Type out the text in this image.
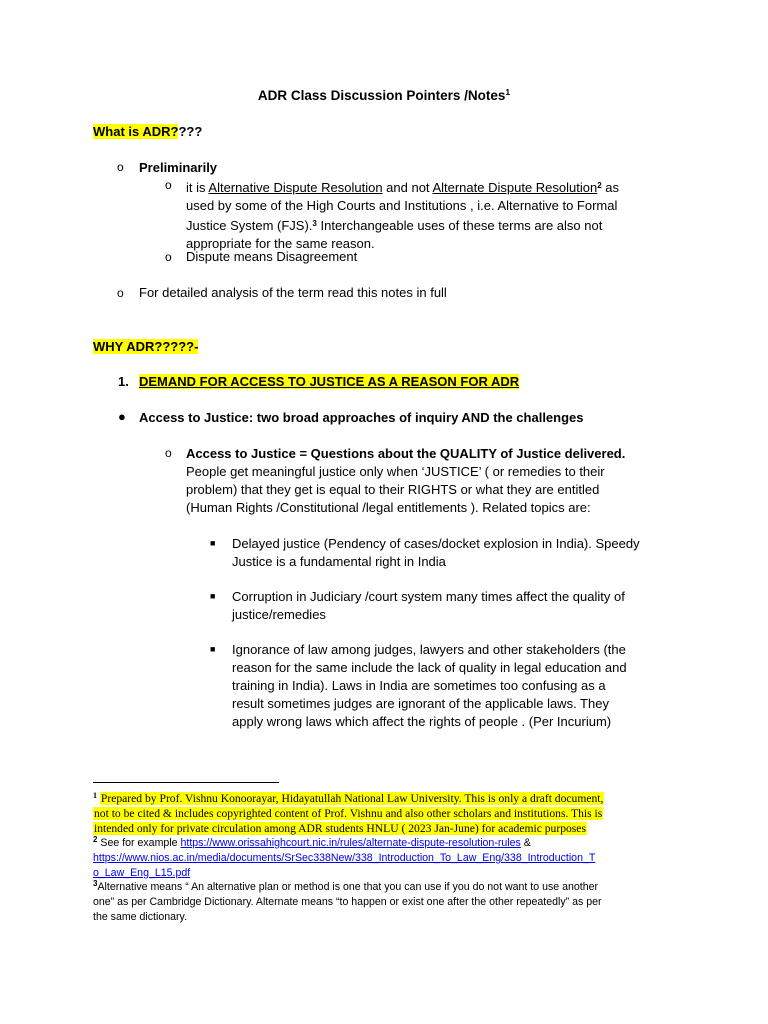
ADR Class Discussion Pointers /Notes$^1$
What is ADR????
o Preliminarily
o it is Alternative Dispute Resolution and not Alternate Dispute Resolution$^2$ as
used by some of the High Courts and Institutions , i.e. Alternative to Formal
Justice System (FJS).$^3$ Interchangeable uses of these terms are also not
appropriate for the same reason.
o Dispute means Disagreement
o For detailed analysis of the term read this notes in full
WHY ADR?????-
1. DEMAND FOR ACCESS TO JUSTICE AS A REASON FOR ADR
● Access to Justice: two broad approaches of inquiry AND the challenges
o Access to Justice = Questions about the QUALITY of Justice delivered.
People get meaningful justice only when ‘JUSTICE’ ( or remedies to their
problem) that they get is equal to their RIGHTS or what they are entitled
(Human Rights /Constitutional /legal entitlements ). Related topics are:
■ Delayed justice (Pendency of cases/docket explosion in India). Speedy
Justice is a fundamental right in India
■ Corruption in Judiciary /court system many times affect the quality of
justice/remedies
■ Ignorance of law among judges, lawyers and other stakeholders (the
reason for the same include the lack of quality in legal education and
training in India). Laws in India are sometimes too confusing as a
result sometimes judges are ignorant of the applicable laws. They
apply wrong laws which affect the rights of people . (Per Incurium)
$^1$ Prepared by Prof. Vishnu Konoorayar, Hidayatullah National Law University. This is only a draft document,
not to be cited & includes copyrighted content of Prof. Vishnu and also other scholars and institutions. This is
intended only for private circulation among ADR students HNLU ( 2023 Jan-June) for academic purposes
$^2$ See for example https://www.orissahighcourt.nic.in/rules/alternate-dispute-resolution-rules &
https://www.nios.ac.in/media/documents/SrSec338New/338_Introduction_To_Law_Eng/338_Introduction_T
o_Law_Eng_L15.pdf
$^3$Alternative means “ An alternative plan or method is one that you can use if you do not want to use another
one” as per Cambridge Dictionary. Alternate means “to happen or exist one after the other repeatedly” as per
the same dictionary.
